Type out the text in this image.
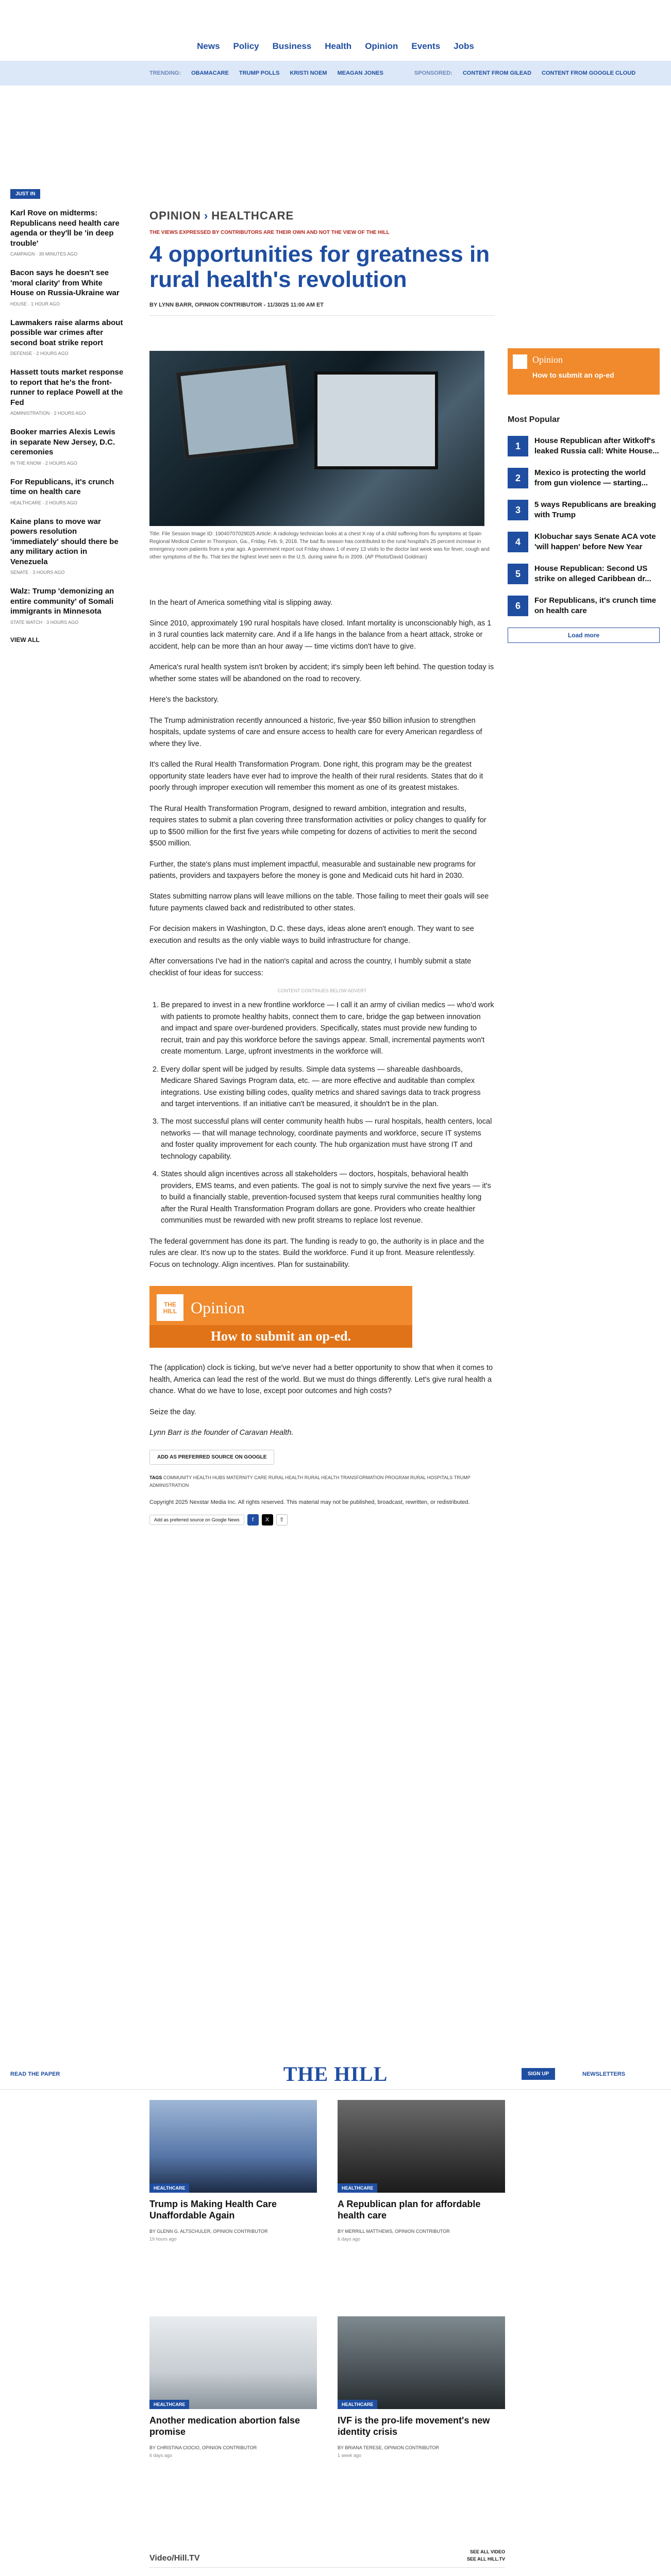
News Policy Business Health Opinion Events Jobs
TRENDING: OBAMACARE TRUMP POLLS KRISTI NOEM MEAGAN JONES	SPONSORED: CONTENT FROM GILEAD CONTENT FROM GOOGLE CLOUD
JUST IN
Karl Rove on midterms: Republicans need health care agenda or they'll be 'in deep trouble'
CAMPAIGN · 39 MINUTES AGO
Bacon says he doesn't see 'moral clarity' from White House on Russia-Ukraine war
HOUSE · 1 HOUR AGO
Lawmakers raise alarms about possible war crimes after second boat strike report
DEFENSE · 2 HOURS AGO
Hassett touts market response to report that he's the front-runner to replace Powell at the Fed
ADMINISTRATION · 2 HOURS AGO
Booker marries Alexis Lewis in separate New Jersey, D.C. ceremonies
IN THE KNOW · 2 HOURS AGO
For Republicans, it's crunch time on health care
HEALTHCARE · 2 HOURS AGO
Kaine plans to move war powers resolution 'immediately' should there be any military action in Venezuela
SENATE · 3 HOURS AGO
Walz: Trump 'demonizing an entire community' of Somali immigrants in Minnesota
STATE WATCH · 3 HOURS AGO
VIEW ALL
OPINION › HEALTHCARE
THE VIEWS EXPRESSED BY CONTRIBUTORS ARE THEIR OWN AND NOT THE VIEW OF THE HILL
4 opportunities for greatness in rural health's revolution
BY LYNN BARR, OPINION CONTRIBUTOR - 11/30/25 11:00 AM ET
Title: File Session Image ID: 19040707029025 Article: A radiology technician looks at a chest X-ray of a child suffering from flu symptoms at Spain Regional Medical Center in Thompson, Ga., Friday, Feb. 9, 2018. The bad flu season has contributed to the rural hospital's 25 percent increase in emergency room patients from a year ago. A government report out Friday shows 1 of every 13 visits to the doctor last week was for fever, cough and other symptoms of the flu. That ties the highest level seen in the U.S. during swine flu in 2009. (AP Photo/David Goldman)

In the heart of America something vital is slipping away.

Since 2010, approximately 190 rural hospitals have closed. Infant mortality is unconscionably high, as 1 in 3 rural counties lack maternity care. And if a life hangs in the balance from a heart attack, stroke or accident, help can be more than an hour away — time victims don't have to give.

America's rural health system isn't broken by accident; it's simply been left behind. The question today is whether some states will be abandoned on the road to recovery.

Here's the backstory.

The Trump administration recently announced a historic, five-year $50 billion infusion to strengthen hospitals, update systems of care and ensure access to health care for every American regardless of where they live.

It's called the Rural Health Transformation Program. Done right, this program may be the greatest opportunity state leaders have ever had to improve the health of their rural residents. States that do it poorly through improper execution will remember this moment as one of its greatest mistakes.

The Rural Health Transformation Program, designed to reward ambition, integration and results, requires states to submit a plan covering three transformation activities or policy changes to qualify for up to $500 million for the first five years while competing for dozens of activities to merit the second $500 million.

Further, the state's plans must implement impactful, measurable and sustainable new programs for patients, providers and taxpayers before the money is gone and Medicaid cuts hit hard in 2030.

States submitting narrow plans will leave millions on the table. Those failing to meet their goals will see future payments clawed back and redistributed to other states.

For decision makers in Washington, D.C. these days, ideas alone aren't enough. They want to see execution and results as the only viable ways to build infrastructure for change.

After conversations I've had in the nation's capital and across the country, I humbly submit a state checklist of four ideas for success:

CONTENT CONTINUES BELOW ADVERT
1. Be prepared to invest in a new frontline workforce — I call it an army of civilian medics — who'd work with patients to promote healthy habits, connect them to care, bridge the gap between innovation and impact and spare over-burdened providers. Specifically, states must provide new funding to recruit, train and pay this workforce before the savings appear. Small, incremental payments won't create momentum. Large, upfront investments in the workforce will.
2. Every dollar spent will be judged by results. Simple data systems — shareable dashboards, Medicare Shared Savings Program data, etc. — are more effective and auditable than complex integrations. Use existing billing codes, quality metrics and shared savings data to track progress and target interventions. If an initiative can't be measured, it shouldn't be in the plan.
3. The most successful plans will center community health hubs — rural hospitals, health centers, local networks — that will manage technology, coordinate payments and workforce, secure IT systems and foster quality improvement for each county. The hub organization must have strong IT and technology capability.
4. States should align incentives across all stakeholders — doctors, hospitals, behavioral health providers, EMS teams, and even patients. The goal is not to simply survive the next five years — it's to build a financially stable, prevention-focused system that keeps rural communities healthy long after the Rural Health Transformation Program dollars are gone. Providers who create healthier communities must be rewarded with new profit streams to replace lost revenue.

The federal government has done its part. The funding is ready to go, the authority is in place and the rules are clear. It's now up to the states. Build the workforce. Fund it up front. Measure relentlessly. Focus on technology. Align incentives. Plan for sustainability.

THE HILL Opinion
How to submit an op-ed.

The (application) clock is ticking, but we've never had a better opportunity to show that when it comes to health, America can lead the rest of the world. But we must do things differently. Let's give rural health a chance. What do we have to lose, except poor outcomes and high costs?

Seize the day.

Lynn Barr is the founder of Caravan Health.

ADD AS PREFERRED SOURCE ON GOOGLE
TAGS COMMUNITY HEALTH HUBS MATERNITY CARE RURAL HEALTH RURAL HEALTH TRANSFORMATION PROGRAM RURAL HOSPITALS TRUMP ADMINISTRATION
Copyright 2025 Nexstar Media Inc. All rights reserved. This material may not be published, broadcast, rewritten, or redistributed.
Add as preferred source on Google News	f	X	⇪
Opinion
How to submit an op-ed
Most Popular
1	House Republican after Witkoff's leaked Russia call: White House...
2	Mexico is protecting the world from gun violence — starting...
3	5 ways Republicans are breaking with Trump
4	Klobuchar says Senate ACA vote 'will happen' before New Year
5	House Republican: Second US strike on alleged Caribbean dr...
6	For Republicans, it's crunch time on health care
Load more
READ THE PAPER	THE HILL	SIGN UP	NEWSLETTERS
HEALTHCARE
Trump is Making Health Care Unaffordable Again
BY GLENN G. ALTSCHULER, OPINION CONTRIBUTOR
19 hours ago
HEALTHCARE
A Republican plan for affordable health care
BY MERRILL MATTHEWS, OPINION CONTRIBUTOR
6 days ago
HEALTHCARE
Another medication abortion false promise
BY CHRISTINA CIOCIO, OPINION CONTRIBUTOR
6 days ago
HEALTHCARE
IVF is the pro-life movement's new identity crisis
BY BRIANA TERESE, OPINION CONTRIBUTOR
1 week ago
Video/Hill.TV
SEE ALL VIDEO
SEE ALL HILL.TV
